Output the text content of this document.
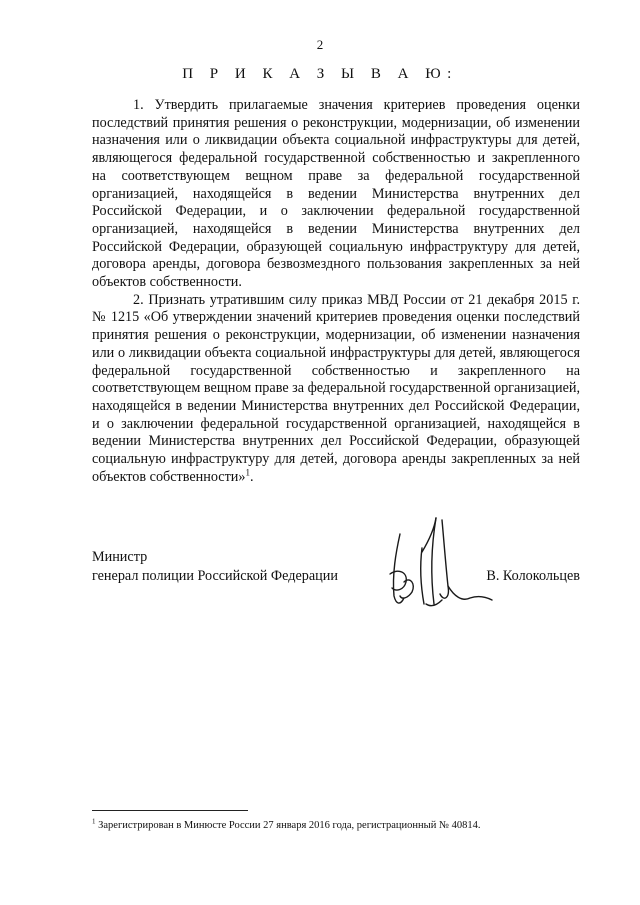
2
П Р И К А З Ы В А Ю:

1. Утвердить прилагаемые значения критериев проведения оценки последствий принятия решения о реконструкции, модернизации, об изменении назначения или о ликвидации объекта социальной инфраструктуры для детей, являющегося федеральной государственной собственностью и закрепленного на соответствующем вещном праве за федеральной государственной организацией, находящейся в ведении Министерства внутренних дел Российской Федерации, и о заключении федеральной государственной организацией, находящейся в ведении Министерства внутренних дел Российской Федерации, образующей социальную инфраструктуру для детей, договора аренды, договора безвозмездного пользования закрепленных за ней объектов собственности.

2. Признать утратившим силу приказ МВД России от 21 декабря 2015 г. № 1215 «Об утверждении значений критериев проведения оценки последствий принятия решения о реконструкции, модернизации, об изменении назначения или о ликвидации объекта социальной инфраструктуры для детей, являющегося федеральной государственной собственностью и закрепленного на соответствующем вещном праве за федеральной государственной организацией, находящейся в ведении Министерства внутренних дел Российской Федерации, и о заключении федеральной государственной организацией, находящейся в ведении Министерства внутренних дел Российской Федерации, образующей социальную инфраструктуру для детей, договора аренды закрепленных за ней объектов собственности»$^1$.

Министр
генерал полиции Российской Федерации	В. Колокольцев
$^1$ Зарегистрирован в Минюсте России 27 января 2016 года, регистрационный № 40814.
